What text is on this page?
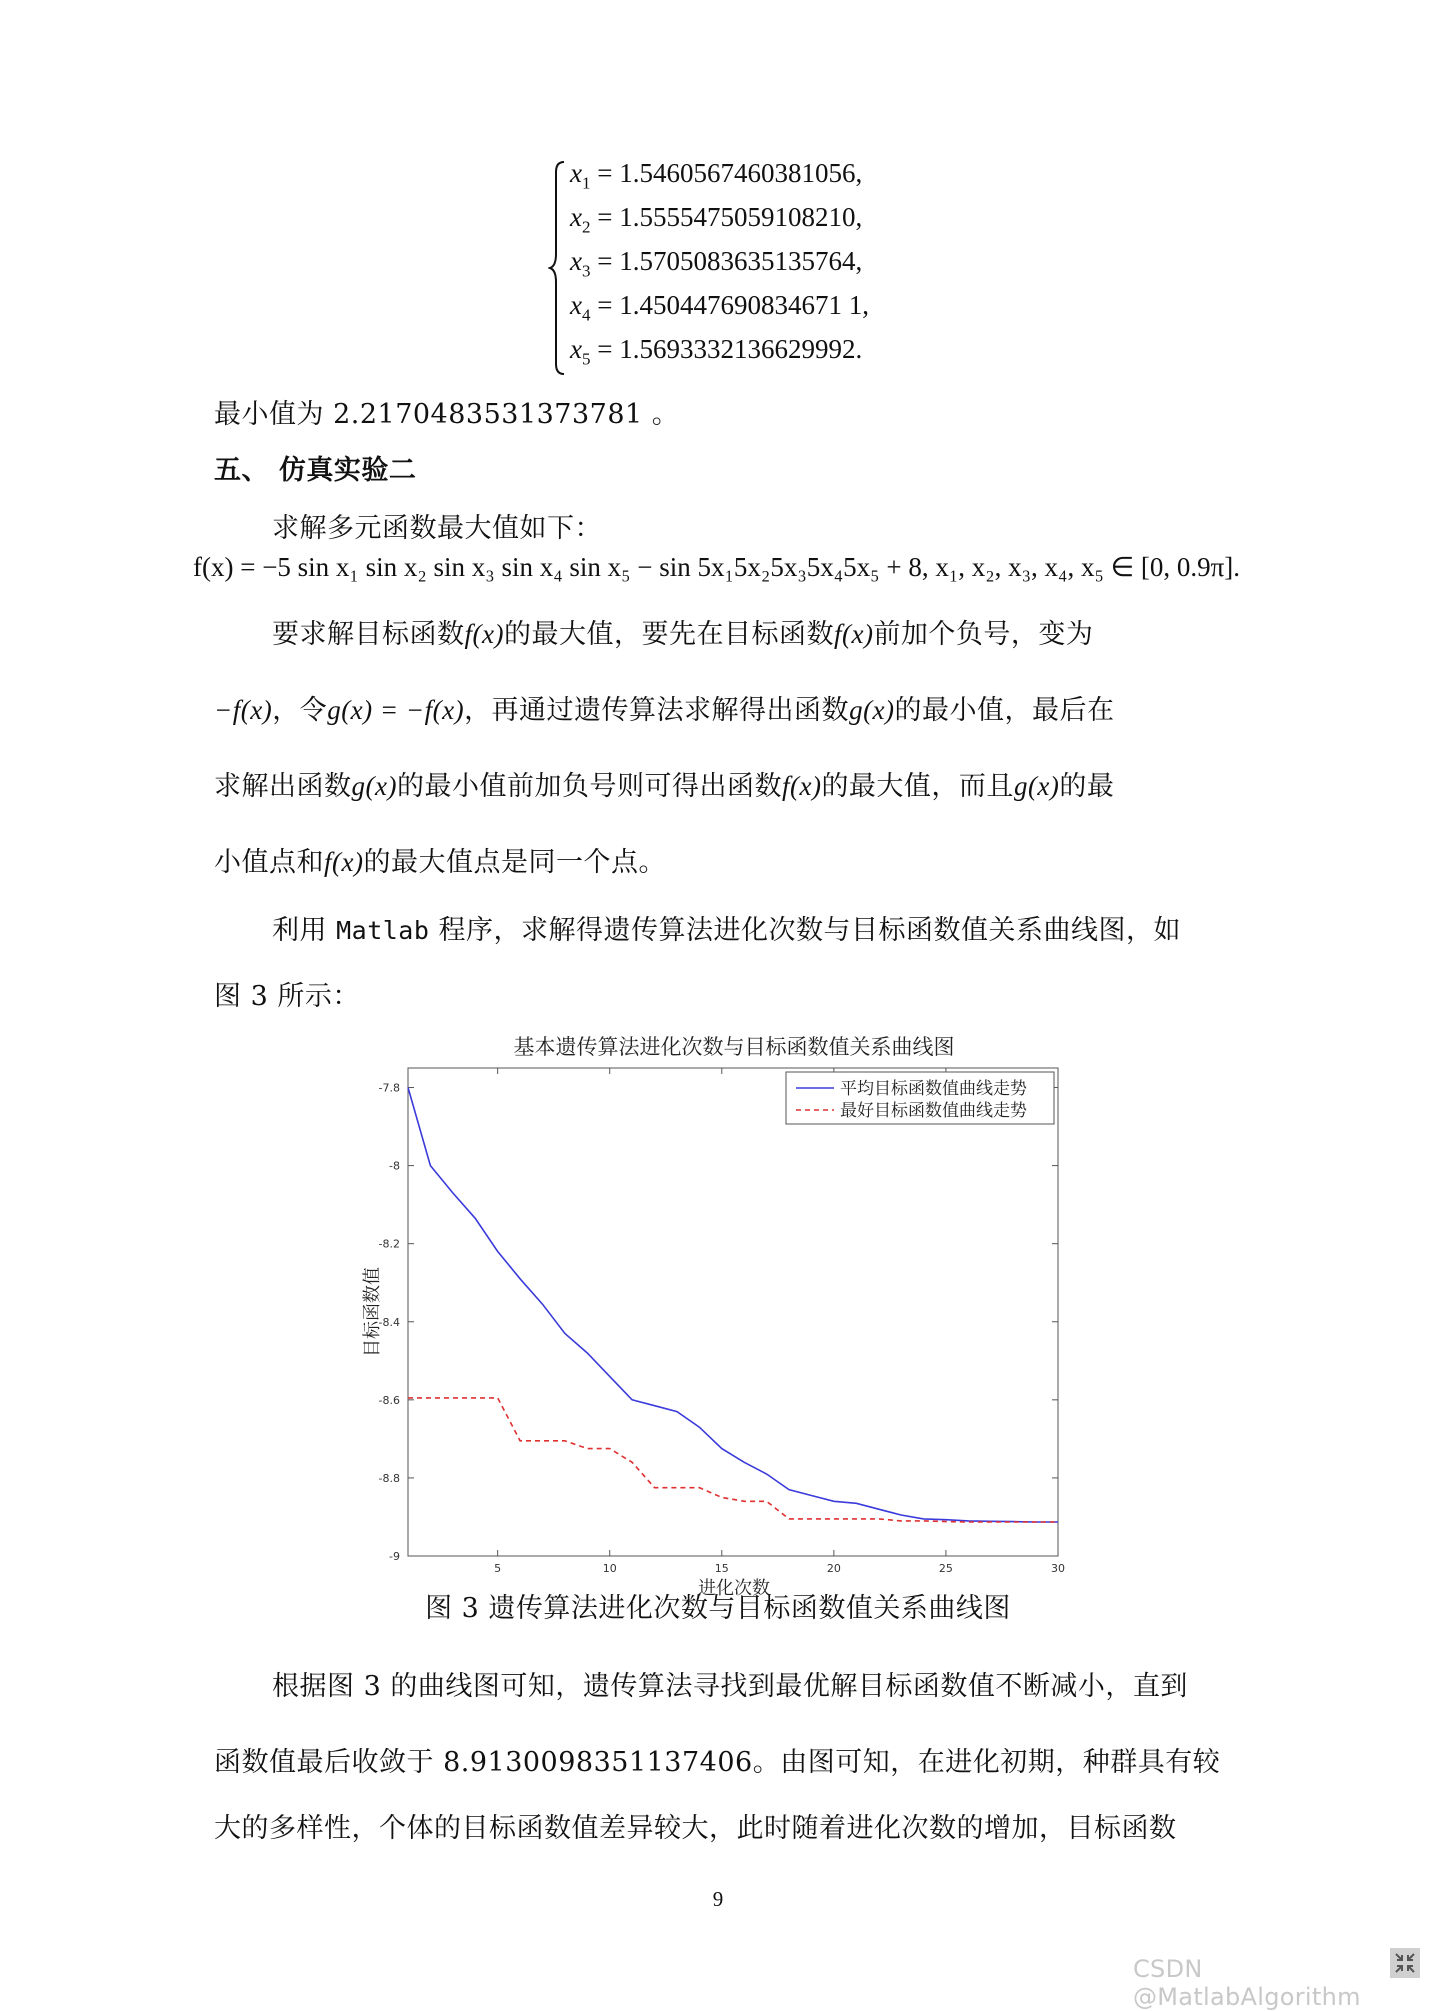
$x_1 = 1.5460567460381056$,
$x_2 = 1.5555475059108210$,
$x_3 = 1.5705083635135764$,
$x_4 = 1.450447690834671$ 1,
$x_5 = 1.5693332136629992$.
最小值为 2.2170483531373781 。
五、 仿真实验二
求解多元函数最大值如下：
f(x) = −5 sin x₁ sin x₂ sin x₃ sin x₄ sin x₅ − sin 5x₁5x₂5x₃5x₄5x₅ + 8, x₁, x₂, x₃, x₄, x₅ ∈ [0, 0.9π].
要求解目标函数f(x)的最大值，要先在目标函数f(x)前加个负号，变为
−f(x)，令g(x) = −f(x)，再通过遗传算法求解得出函数g(x)的最小值，最后在
求解出函数g(x)的最小值前加负号则可得出函数f(x)的最大值，而且g(x)的最
小值点和f(x)的最大值点是同一个点。
利用 Matlab 程序，求解得遗传算法进化次数与目标函数值关系曲线图，如
图 3 所示：
基本遗传算法进化次数与目标函数值关系曲线图
-7.8
-8
-8.2
-8.4
-8.6
-8.8
-9
5	10	15	20	25	30
平均目标函数值曲线走势
最好目标函数值曲线走势
进化次数
目标函数值
图 3 遗传算法进化次数与目标函数值关系曲线图
根据图 3 的曲线图可知，遗传算法寻找到最优解目标函数值不断减小，直到
函数值最后收敛于 8.9130098351137406。由图可知，在进化初期，种群具有较
大的多样性，个体的目标函数值差异较大，此时随着进化次数的增加，目标函数
9
CSDN @MatlabAlgorithm
